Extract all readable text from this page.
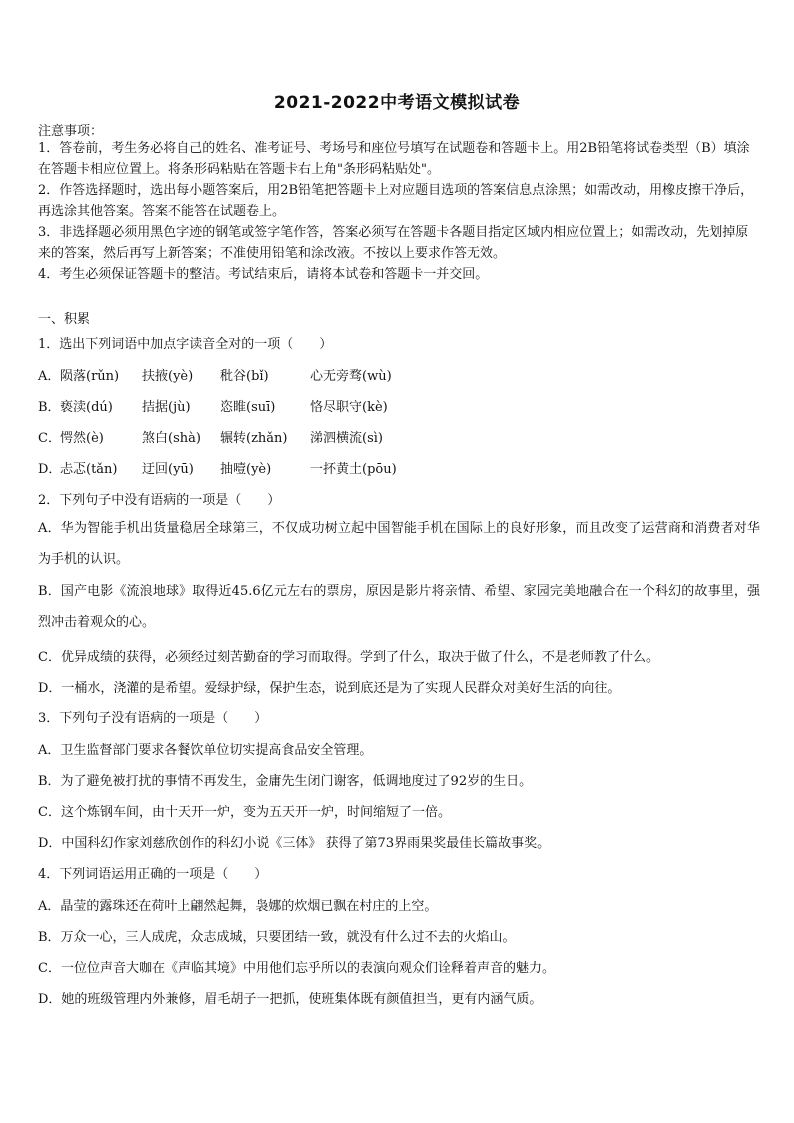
2021-2022中考语文模拟试卷
注意事项：

1．答卷前，考生务必将自己的姓名、准考证号、考场号和座位号填写在试题卷和答题卡上。用2B铅笔将试卷类型（B）填涂在答题卡相应位置上。将条形码粘贴在答题卡右上角"条形码粘贴处"。

2．作答选择题时，选出每小题答案后，用2B铅笔把答题卡上对应题目选项的答案信息点涂黑；如需改动，用橡皮擦干净后，再选涂其他答案。答案不能答在试题卷上。

3．非选择题必须用黑色字迹的钢笔或签字笔作答，答案必须写在答题卡各题目指定区域内相应位置上；如需改动，先划掉原来的答案，然后再写上新答案；不准使用铅笔和涂改液。不按以上要求作答无效。

4．考生必须保证答题卡的整洁。考试结束后，请将本试卷和答题卡一并交回。

一、积累
1．选出下列词语中加点字读音全对的一项（　　）
A．陨落(rǔn) 扶掖(yè) 秕谷(bǐ)	心无旁骛(wù)
B．亵渎(dú) 拮据(jù) 恣睢(suī)	恪尽职守(kè)
C．愕然(è)	煞白(shà) 辗转(zhǎn) 涕泗横流(sì)
D．忐忑(tǎn) 迂回(yū) 抽噎(yè)	一抔黄土(pōu)
2．下列句子中没有语病的一项是（　　）
A．华为智能手机出货量稳居全球第三，不仅成功树立起中国智能手机在国际上的良好形象，而且改变了运营商和消费者对华为手机的认识。
B．国产电影《流浪地球》取得近45.6亿元左右的票房，原因是影片将亲情、希望、家园完美地融合在一个科幻的故事里，强烈冲击着观众的心。
C．优异成绩的获得，必须经过刻苦勤奋的学习而取得。学到了什么，取决于做了什么，不是老师教了什么。
D．一桶水，浇灌的是希望。爱绿护绿，保护生态，说到底还是为了实现人民群众对美好生活的向往。
3．下列句子没有语病的一项是（　　）
A．卫生监督部门要求各餐饮单位切实提高食品安全管理。
B．为了避免被打扰的事情不再发生，金庸先生闭门谢客，低调地度过了92岁的生日。
C．这个炼钢车间，由十天开一炉，变为五天开一炉，时间缩短了一倍。
D．中国科幻作家刘慈欣创作的科幻小说《三体》 获得了第73界雨果奖最佳长篇故事奖。
4．下列词语运用正确的一项是（　　）
A．晶莹的露珠还在荷叶上翩然起舞，袅娜的炊烟已飘在村庄的上空。
B．万众一心，三人成虎，众志成城，只要团结一致，就没有什么过不去的火焰山。
C．一位位声音大咖在《声临其境》中用他们忘乎所以的表演向观众们诠释着声音的魅力。
D．她的班级管理内外兼修，眉毛胡子一把抓，使班集体既有颜值担当，更有内涵气质。
